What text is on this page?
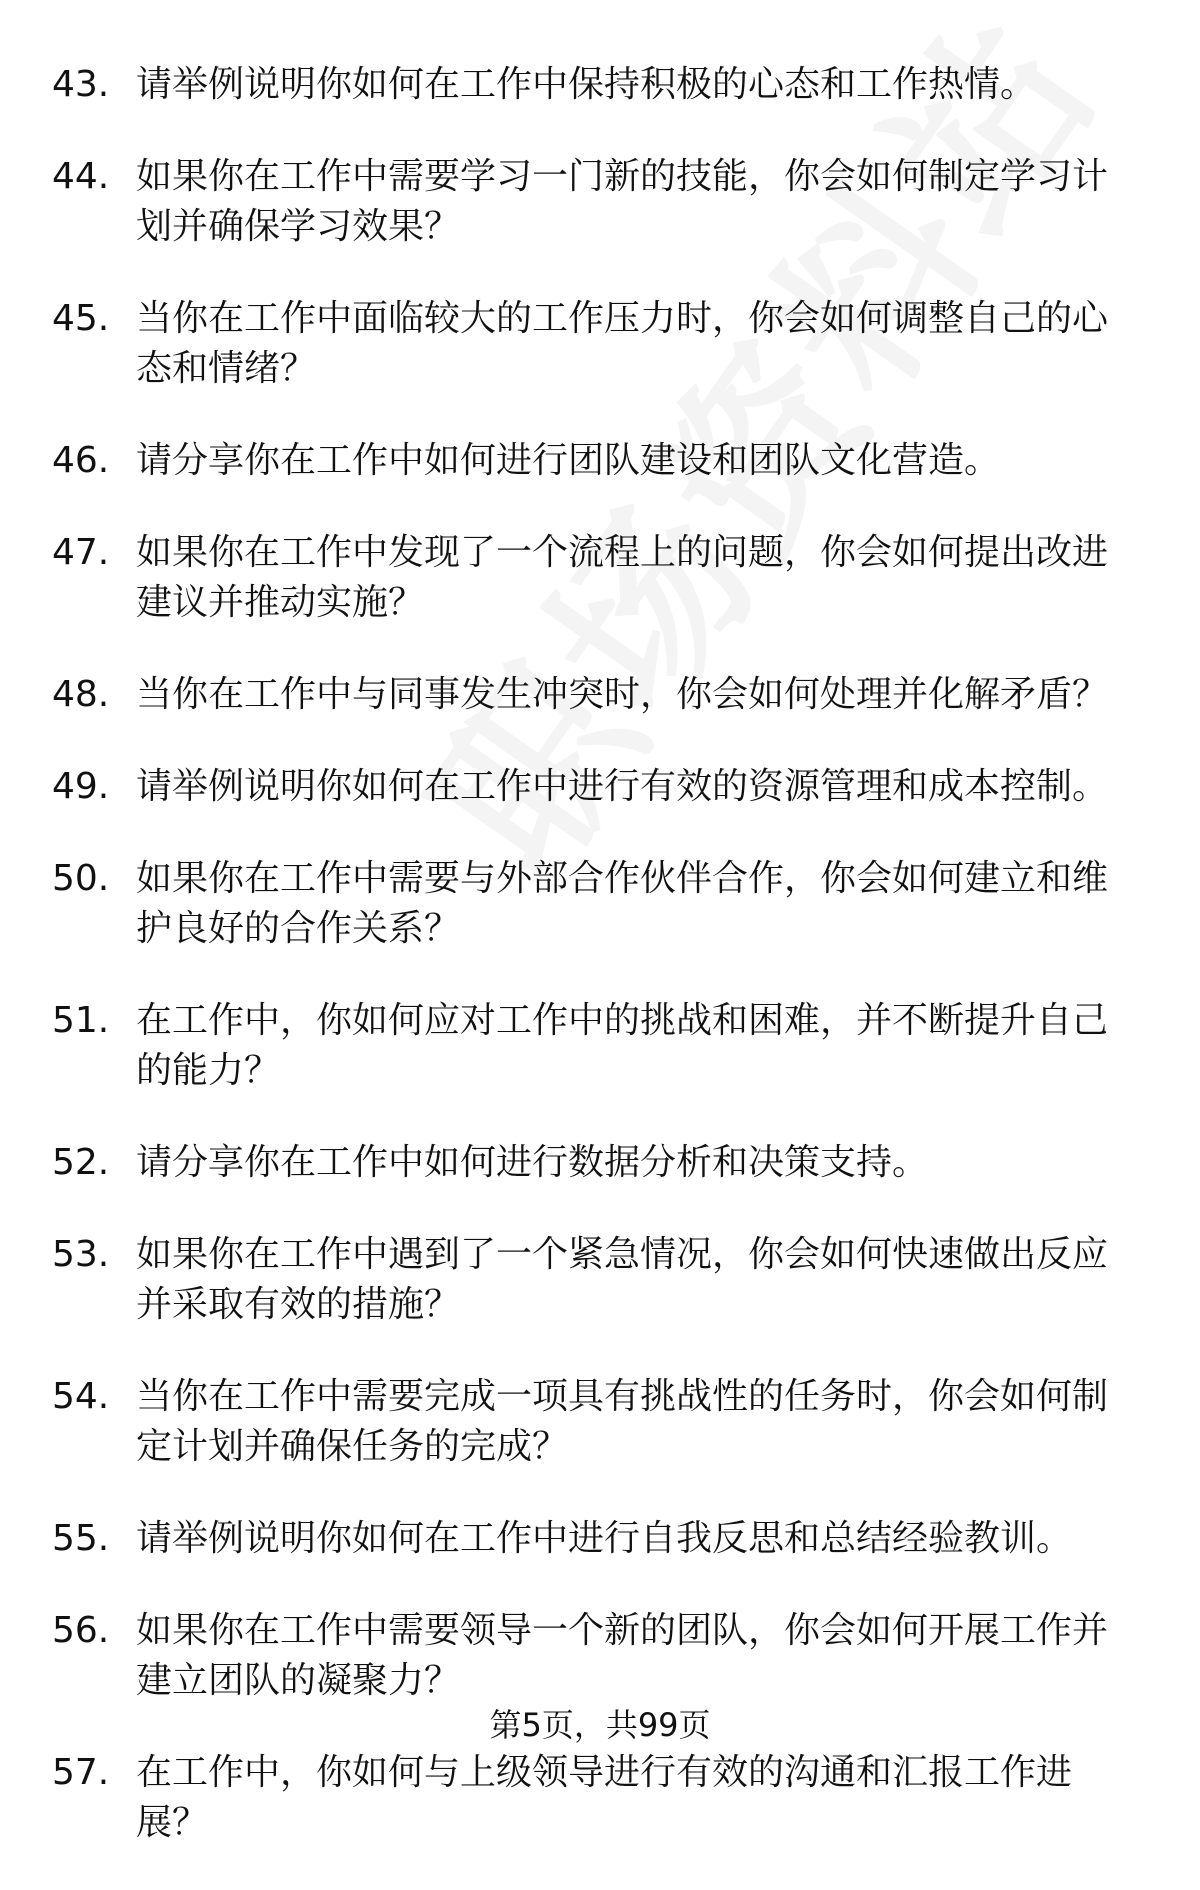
43. 请举例说明你如何在工作中保持积极的心态和工作热情。
44. 如果你在工作中需要学习一门新的技能，你会如何制定学习计划并确保学习效果？
45. 当你在工作中面临较大的工作压力时，你会如何调整自己的心态和情绪？
46. 请分享你在工作中如何进行团队建设和团队文化营造。
47. 如果你在工作中发现了一个流程上的问题，你会如何提出改进建议并推动实施？
48. 当你在工作中与同事发生冲突时，你会如何处理并化解矛盾？
49. 请举例说明你如何在工作中进行有效的资源管理和成本控制。
50. 如果你在工作中需要与外部合作伙伴合作，你会如何建立和维护良好的合作关系？
51. 在工作中，你如何应对工作中的挑战和困难，并不断提升自己的能力？
52. 请分享你在工作中如何进行数据分析和决策支持。
53. 如果你在工作中遇到了一个紧急情况，你会如何快速做出反应并采取有效的措施？
54. 当你在工作中需要完成一项具有挑战性的任务时，你会如何制定计划并确保任务的完成？
55. 请举例说明你如何在工作中进行自我反思和总结经验教训。
56. 如果你在工作中需要领导一个新的团队，你会如何开展工作并建立团队的凝聚力？
57. 在工作中，你如何与上级领导进行有效的沟通和汇报工作进展？
第5页，共99页
